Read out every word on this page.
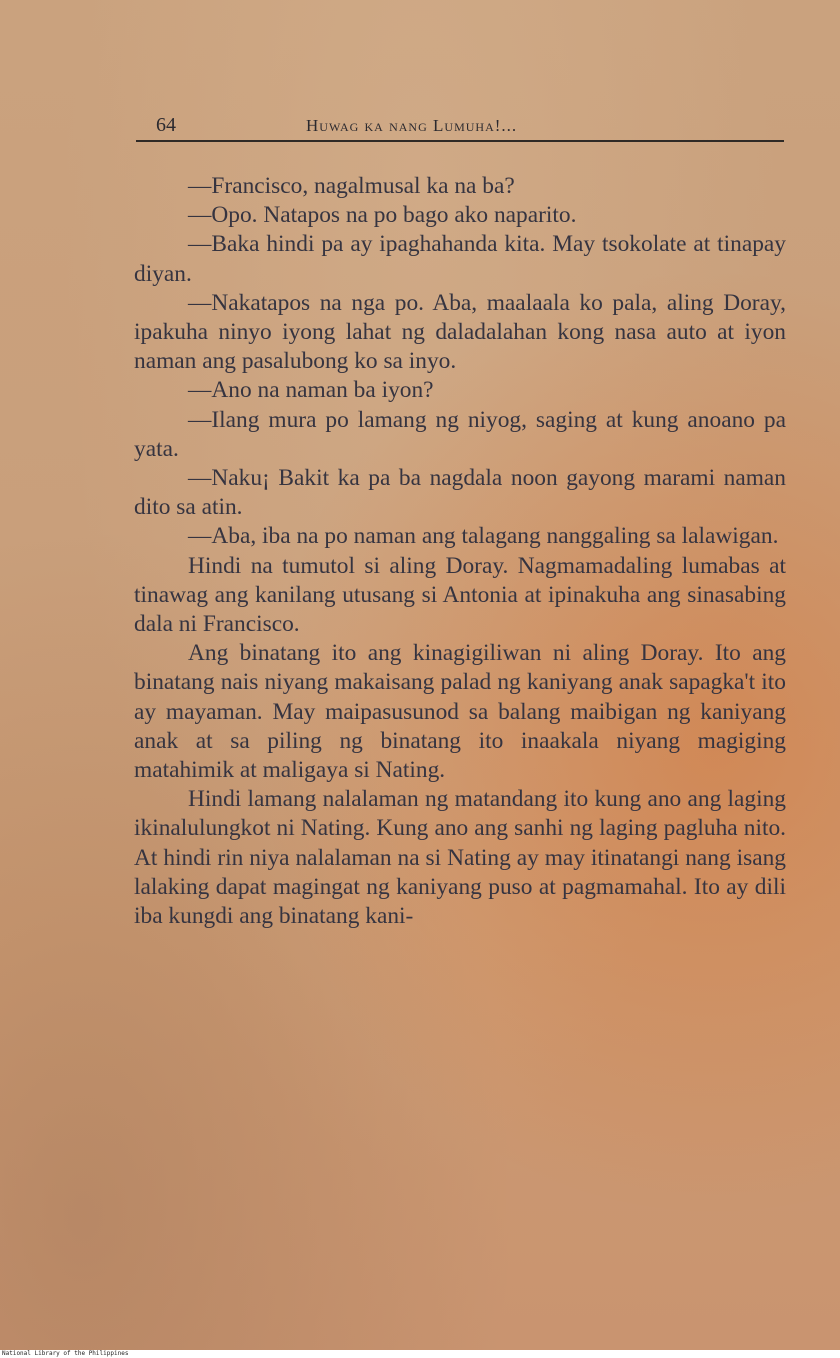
64	Huwag ka nang Lumuha!...

—Francisco, nagalmusal ka na ba?

—Opo. Natapos na po bago ako naparito.

—Baka hindi pa ay ipaghahanda kita. May tsokolate at tinapay diyan.

—Nakatapos na nga po. Aba, maalaala ko pala, aling Doray, ipakuha ninyo iyong lahat ng daladalahan kong nasa auto at iyon naman ang pasalubong ko sa inyo.

—Ano na naman ba iyon?

—Ilang mura po lamang ng niyog, saging at kung anoano pa yata.

—Naku¡ Bakit ka pa ba nagdala noon gayong marami naman dito sa atin.

—Aba, iba na po naman ang talagang nanggaling sa lalawigan.

Hindi na tumutol si aling Doray. Nagmamadaling lumabas at tinawag ang kanilang utusang si Antonia at ipinakuha ang sinasabing dala ni Francisco.

Ang binatang ito ang kinagigiliwan ni aling Doray. Ito ang binatang nais niyang makaisang palad ng kaniyang anak sapagka't ito ay mayaman. May maipasusunod sa balang maibigan ng kaniyang anak at sa piling ng binatang ito inaakala niyang magiging matahimik at maligaya si Nating.

Hindi lamang nalalaman ng matandang ito kung ano ang laging ikinalulungkot ni Nating. Kung ano ang sanhi ng laging pagluha nito. At hindi rin niya nalalaman na si Nating ay may itinatangi nang isang lalaking dapat magingat ng kaniyang puso at pagmamahal. Ito ay dili iba kungdi ang binatang kani-

National Library of the Philippines
